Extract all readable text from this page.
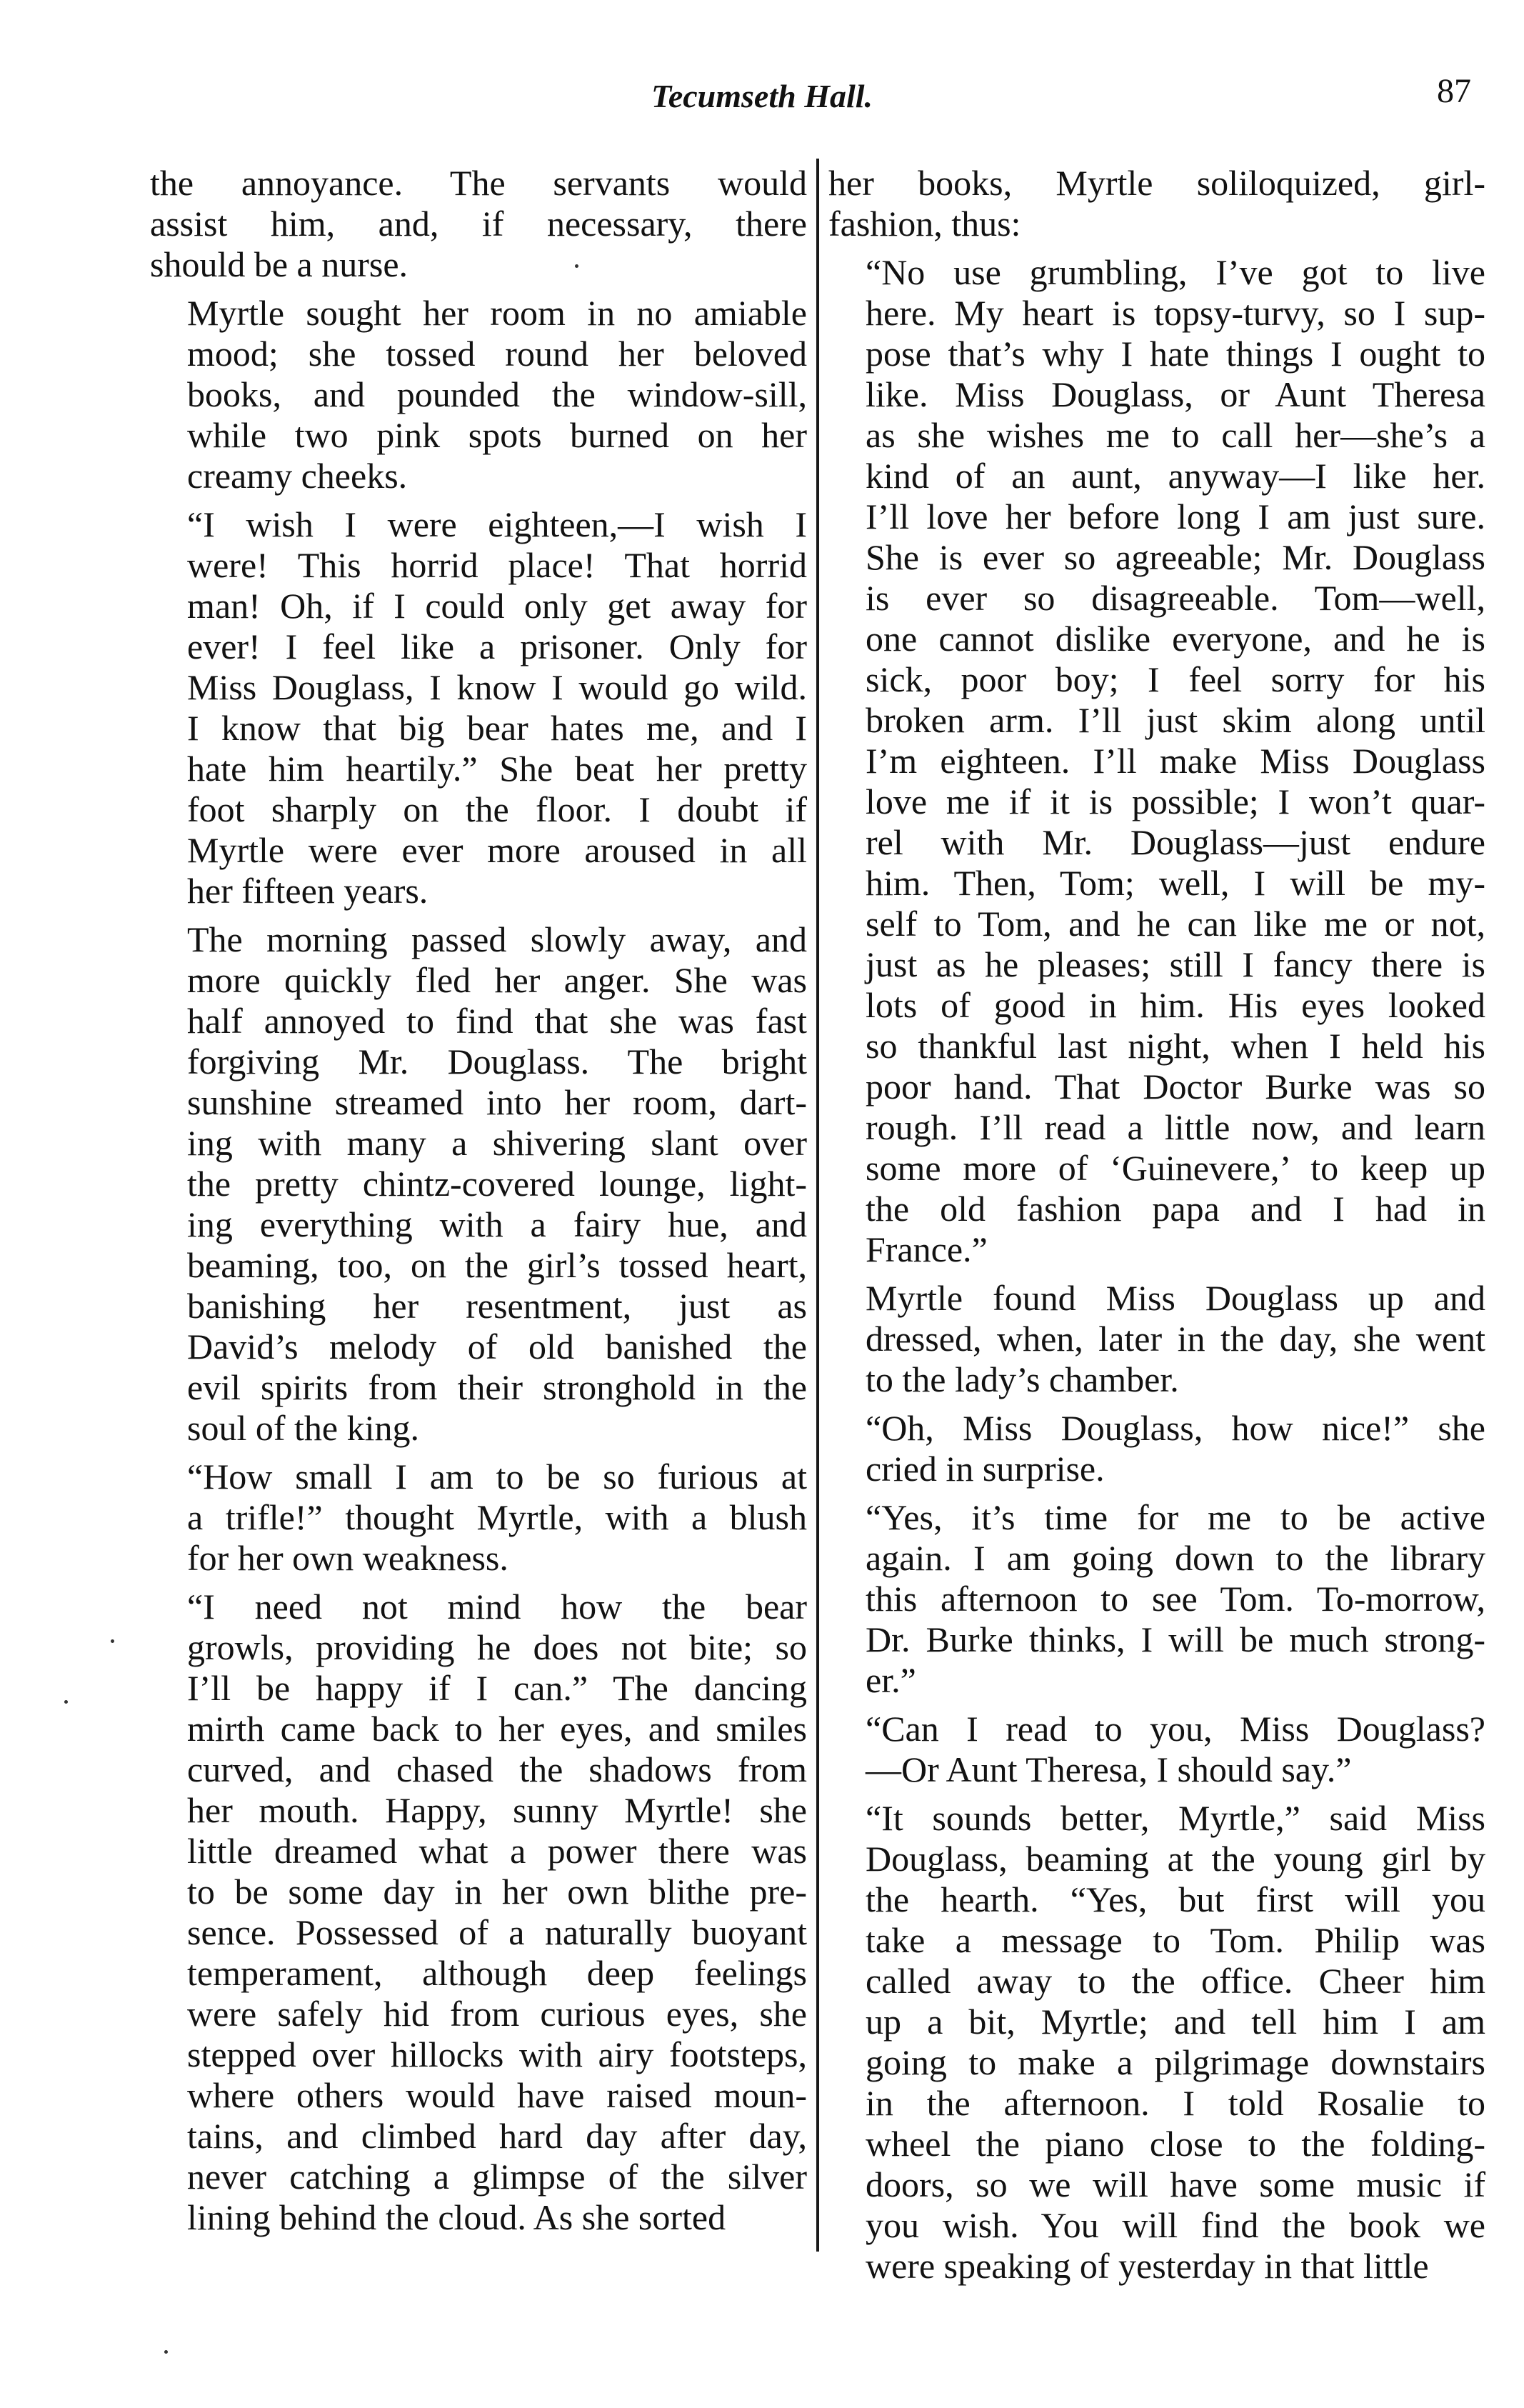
Tecumseth Hall.	87

the annoyance. The servants would
assist him, and, if necessary, there
should be a nurse.

Myrtle sought her room in no amiable
mood; she tossed round her beloved
books, and pounded the window-sill,
while two pink spots burned on her
creamy cheeks.

“I wish I were eighteen,—I wish I
were! This horrid place! That horrid
man! Oh, if I could only get away for
ever! I feel like a prisoner. Only for
Miss Douglass, I know I would go wild.
I know that big bear hates me, and I
hate him heartily.” She beat her pretty
foot sharply on the floor. I doubt if
Myrtle were ever more aroused in all
her fifteen years.

The morning passed slowly away, and
more quickly fled her anger. She was
half annoyed to find that she was fast
forgiving Mr. Douglass. The bright
sunshine streamed into her room, dart-
ing with many a shivering slant over
the pretty chintz-covered lounge, light-
ing everything with a fairy hue, and
beaming, too, on the girl’s tossed heart,
banishing her resentment, just as
David’s melody of old banished the
evil spirits from their stronghold in the
soul of the king.

“How small I am to be so furious at
a trifle!” thought Myrtle, with a blush
for her own weakness.

“I need not mind how the bear
growls, providing he does not bite; so
I’ll be happy if I can.” The dancing
mirth came back to her eyes, and smiles
curved, and chased the shadows from
her mouth. Happy, sunny Myrtle! she
little dreamed what a power there was
to be some day in her own blithe pre-
sence. Possessed of a naturally buoyant
temperament, although deep feelings
were safely hid from curious eyes, she
stepped over hillocks with airy footsteps,
where others would have raised moun-
tains, and climbed hard day after day,
never catching a glimpse of the silver
lining behind the cloud. As she sorted

her books, Myrtle soliloquized, girl-
fashion, thus:

“No use grumbling, I’ve got to live
here. My heart is topsy-turvy, so I sup-
pose that’s why I hate things I ought to
like. Miss Douglass, or Aunt Theresa
as she wishes me to call her—she’s a
kind of an aunt, anyway—I like her.
I’ll love her before long I am just sure.
She is ever so agreeable; Mr. Douglass
is ever so disagreeable. Tom—well,
one cannot dislike everyone, and he is
sick, poor boy; I feel sorry for his
broken arm. I’ll just skim along until
I’m eighteen. I’ll make Miss Douglass
love me if it is possible; I won’t quar-
rel with Mr. Douglass—just endure
him. Then, Tom; well, I will be my-
self to Tom, and he can like me or not,
just as he pleases; still I fancy there is
lots of good in him. His eyes looked
so thankful last night, when I held his
poor hand. That Doctor Burke was so
rough. I’ll read a little now, and learn
some more of ‘Guinevere,’ to keep up
the old fashion papa and I had in
France.”

Myrtle found Miss Douglass up and
dressed, when, later in the day, she went
to the lady’s chamber.

“Oh, Miss Douglass, how nice!” she
cried in surprise.

“Yes, it’s time for me to be active
again. I am going down to the library
this afternoon to see Tom. To-morrow,
Dr. Burke thinks, I will be much strong-
er.”

“Can I read to you, Miss Douglass?
—Or Aunt Theresa, I should say.”

“It sounds better, Myrtle,” said Miss
Douglass, beaming at the young girl by
the hearth. “Yes, but first will you
take a message to Tom. Philip was
called away to the office. Cheer him
up a bit, Myrtle; and tell him I am
going to make a pilgrimage downstairs
in the afternoon. I told Rosalie to
wheel the piano close to the folding-
doors, so we will have some music if
you wish. You will find the book we
were speaking of yesterday in that little
